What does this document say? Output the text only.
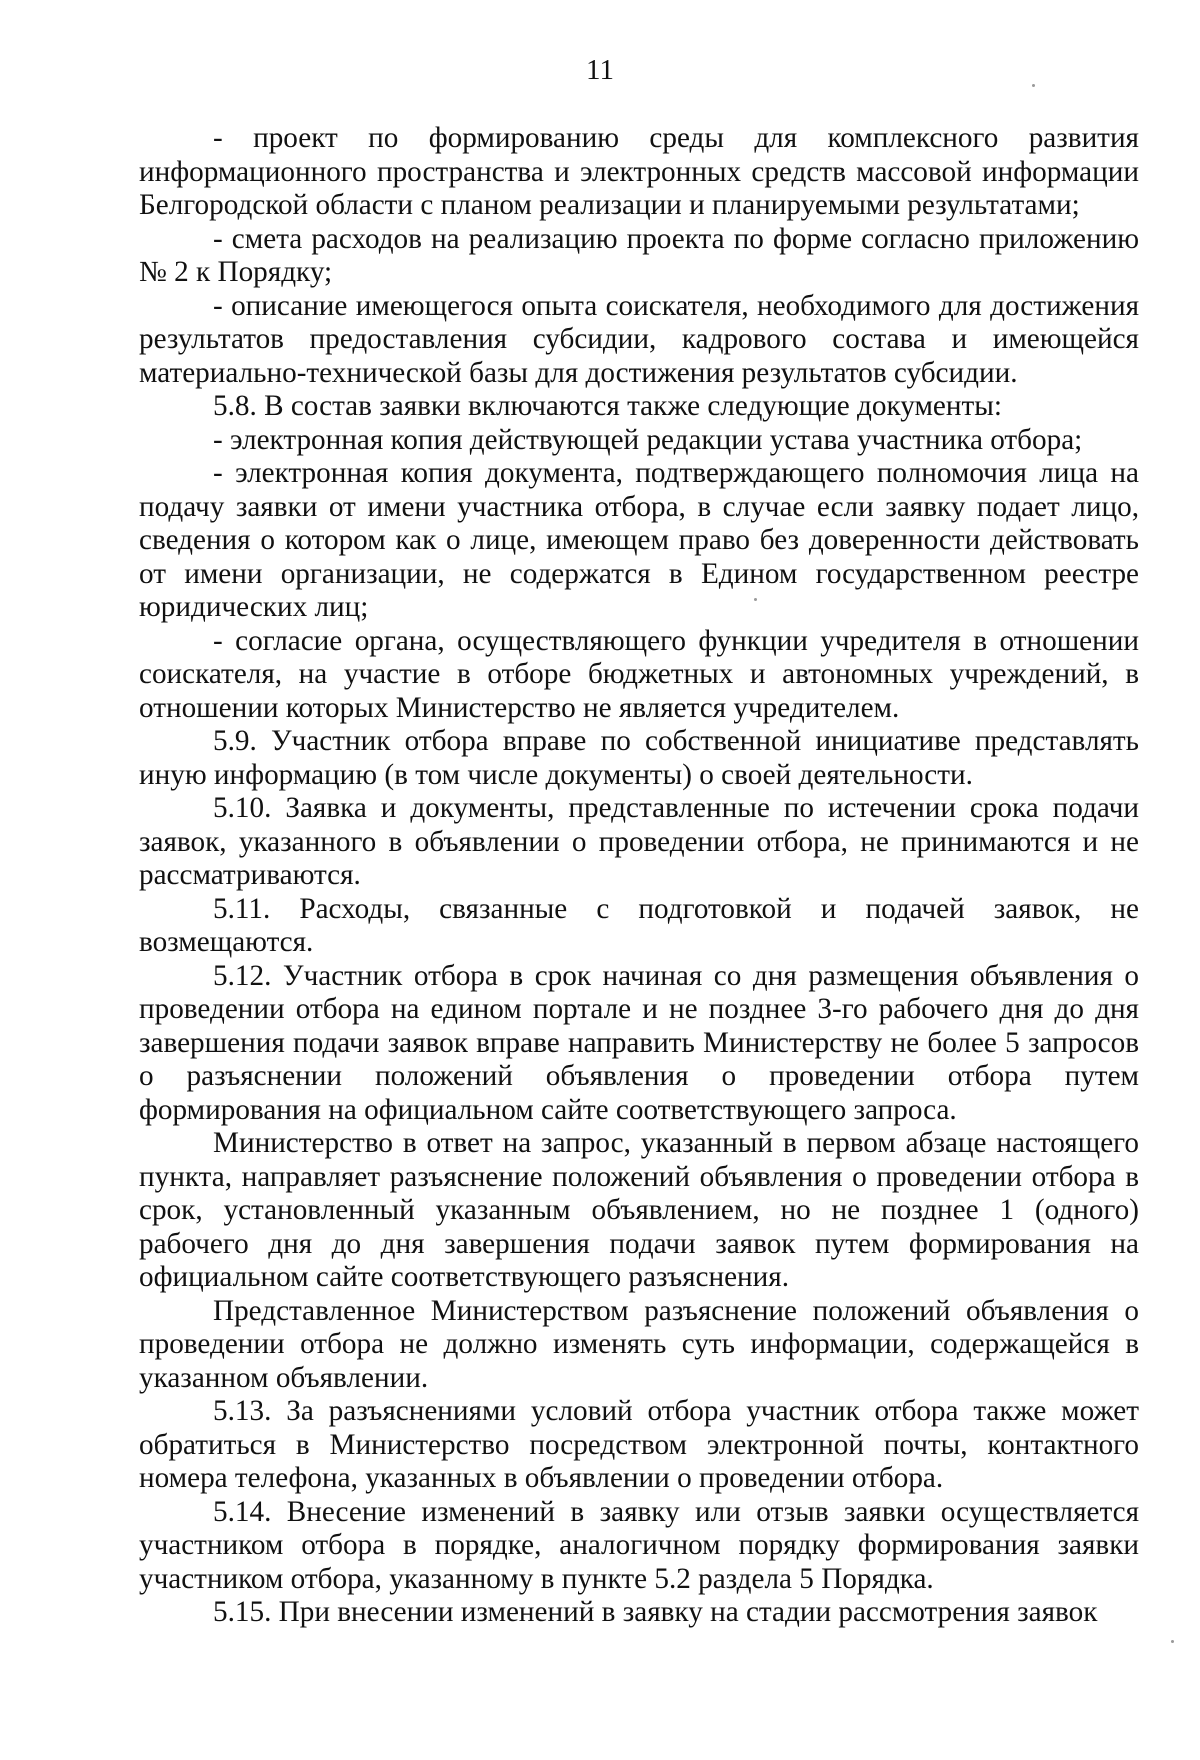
11

- проект по формированию среды для комплексного развития информационного пространства и электронных средств массовой информации Белгородской области с планом реализации и планируемыми результатами;

- смета расходов на реализацию проекта по форме согласно приложению № 2 к Порядку;

- описание имеющегося опыта соискателя, необходимого для достижения результатов предоставления субсидии, кадрового состава и имеющейся материально-технической базы для достижения результатов субсидии.

5.8. В состав заявки включаются также следующие документы:

- электронная копия действующей редакции устава участника отбора;

- электронная копия документа, подтверждающего полномочия лица на подачу заявки от имени участника отбора, в случае если заявку подает лицо, сведения о котором как о лице, имеющем право без доверенности действовать от имени организации, не содержатся в Едином государственном реестре юридических лиц;

- согласие органа, осуществляющего функции учредителя в отношении соискателя, на участие в отборе бюджетных и автономных учреждений, в отношении которых Министерство не является учредителем.

5.9. Участник отбора вправе по собственной инициативе представлять иную информацию (в том числе документы) о своей деятельности.

5.10. Заявка и документы, представленные по истечении срока подачи заявок, указанного в объявлении о проведении отбора, не принимаются и не рассматриваются.

5.11. Расходы, связанные с подготовкой и подачей заявок, не возмещаются.

5.12. Участник отбора в срок начиная со дня размещения объявления о проведении отбора на едином портале и не позднее 3-го рабочего дня до дня завершения подачи заявок вправе направить Министерству не более 5 запросов о разъяснении положений объявления о проведении отбора путем формирования на официальном сайте соответствующего запроса.

Министерство в ответ на запрос, указанный в первом абзаце настоящего пункта, направляет разъяснение положений объявления о проведении отбора в срок, установленный указанным объявлением, но не позднее 1 (одного) рабочего дня до дня завершения подачи заявок путем формирования на официальном сайте соответствующего разъяснения.

Представленное Министерством разъяснение положений объявления о проведении отбора не должно изменять суть информации, содержащейся в указанном объявлении.

5.13. За разъяснениями условий отбора участник отбора также может обратиться в Министерство посредством электронной почты, контактного номера телефона, указанных в объявлении о проведении отбора.

5.14. Внесение изменений в заявку или отзыв заявки осуществляется участником отбора в порядке, аналогичном порядку формирования заявки участником отбора, указанному в пункте 5.2 раздела 5 Порядка.

5.15. При внесении изменений в заявку на стадии рассмотрения заявок
